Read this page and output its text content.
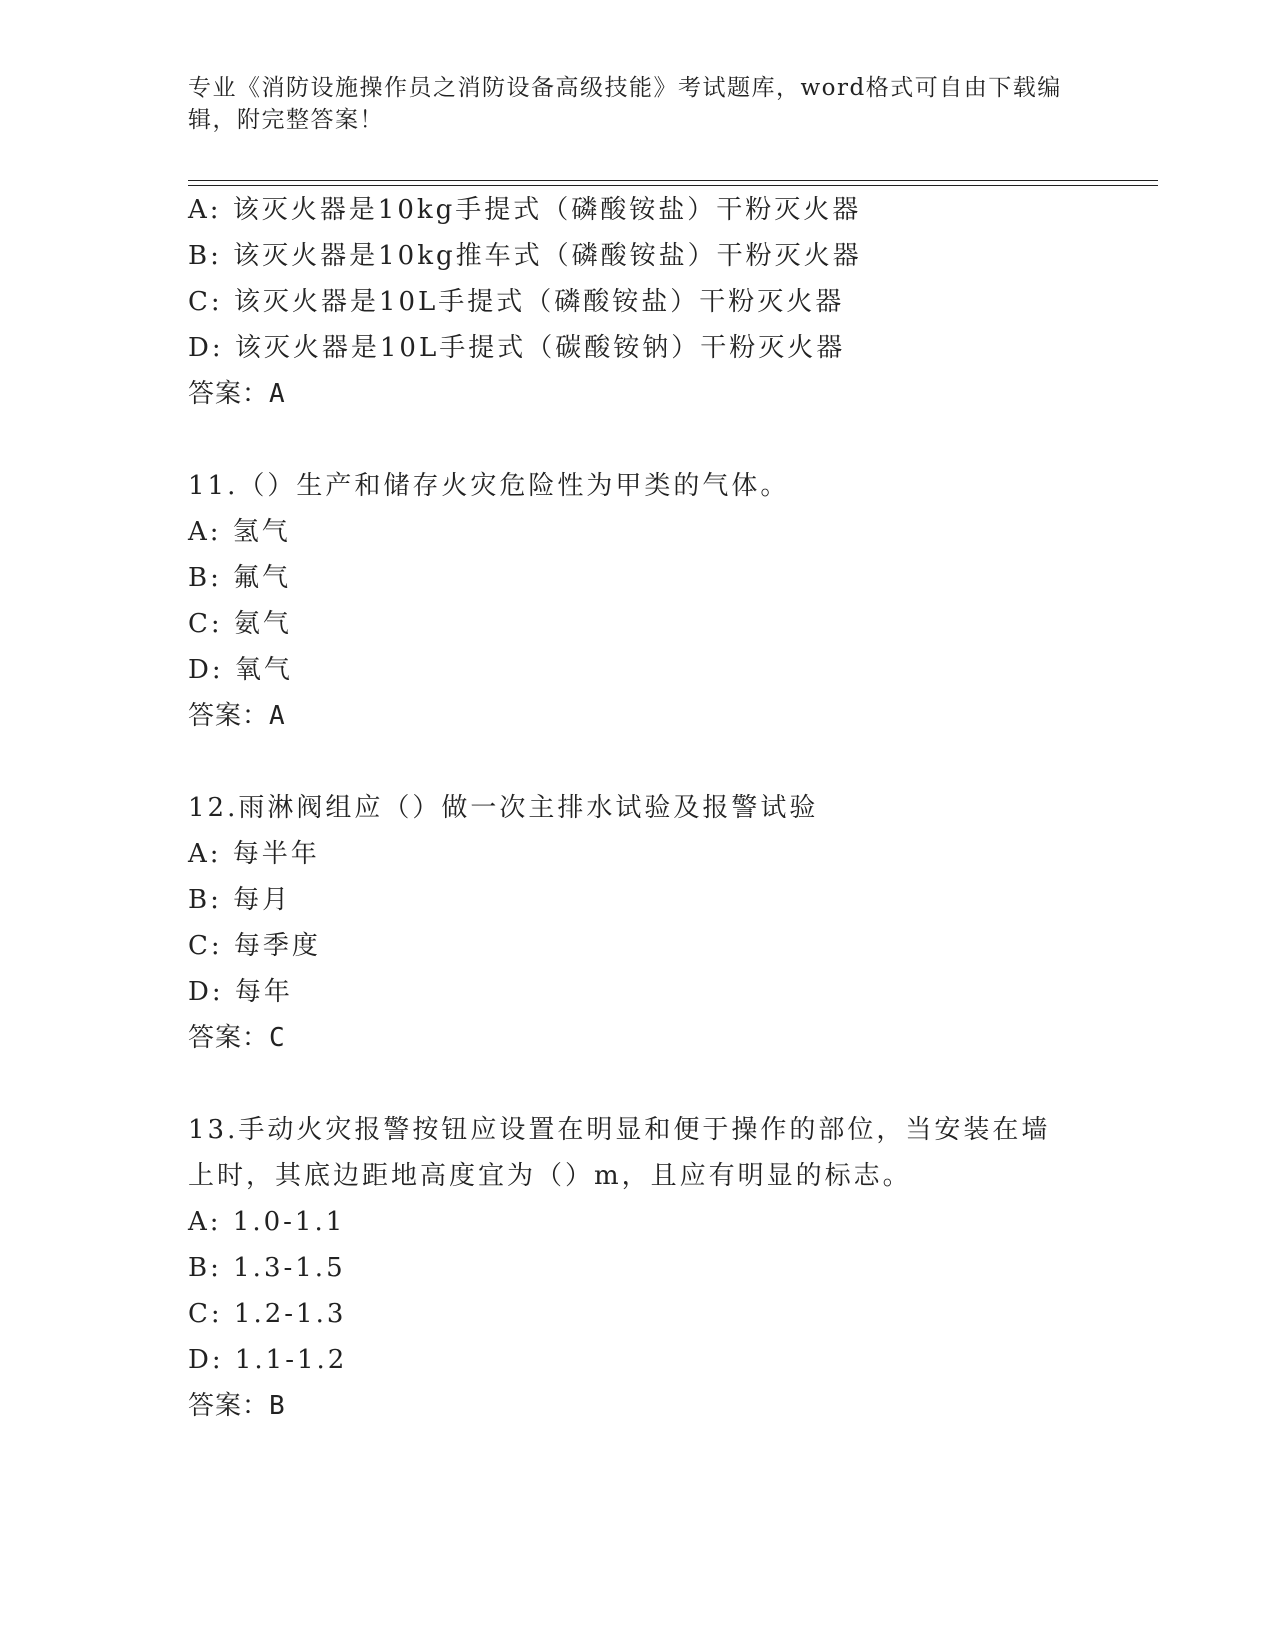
专业《消防设施操作员之消防设备高级技能》考试题库，word格式可自由下载编辑，附完整答案！
A: 该灭火器是10kg手提式（磷酸铵盐）干粉灭火器
B: 该灭火器是10kg推车式（磷酸铵盐）干粉灭火器
C: 该灭火器是10L手提式（磷酸铵盐）干粉灭火器
D: 该灭火器是10L手提式（碳酸铵钠）干粉灭火器
答案：A
11.（）生产和储存火灾危险性为甲类的气体。
A: 氢气
B: 氟气
C: 氨气
D: 氧气
答案：A
12.雨淋阀组应（）做一次主排水试验及报警试验
A: 每半年
B: 每月
C: 每季度
D: 每年
答案：C
13.手动火灾报警按钮应设置在明显和便于操作的部位，当安装在墙上时，其底边距地高度宜为（）m，且应有明显的标志。
A: 1.0-1.1
B: 1.3-1.5
C: 1.2-1.3
D: 1.1-1.2
答案：B
